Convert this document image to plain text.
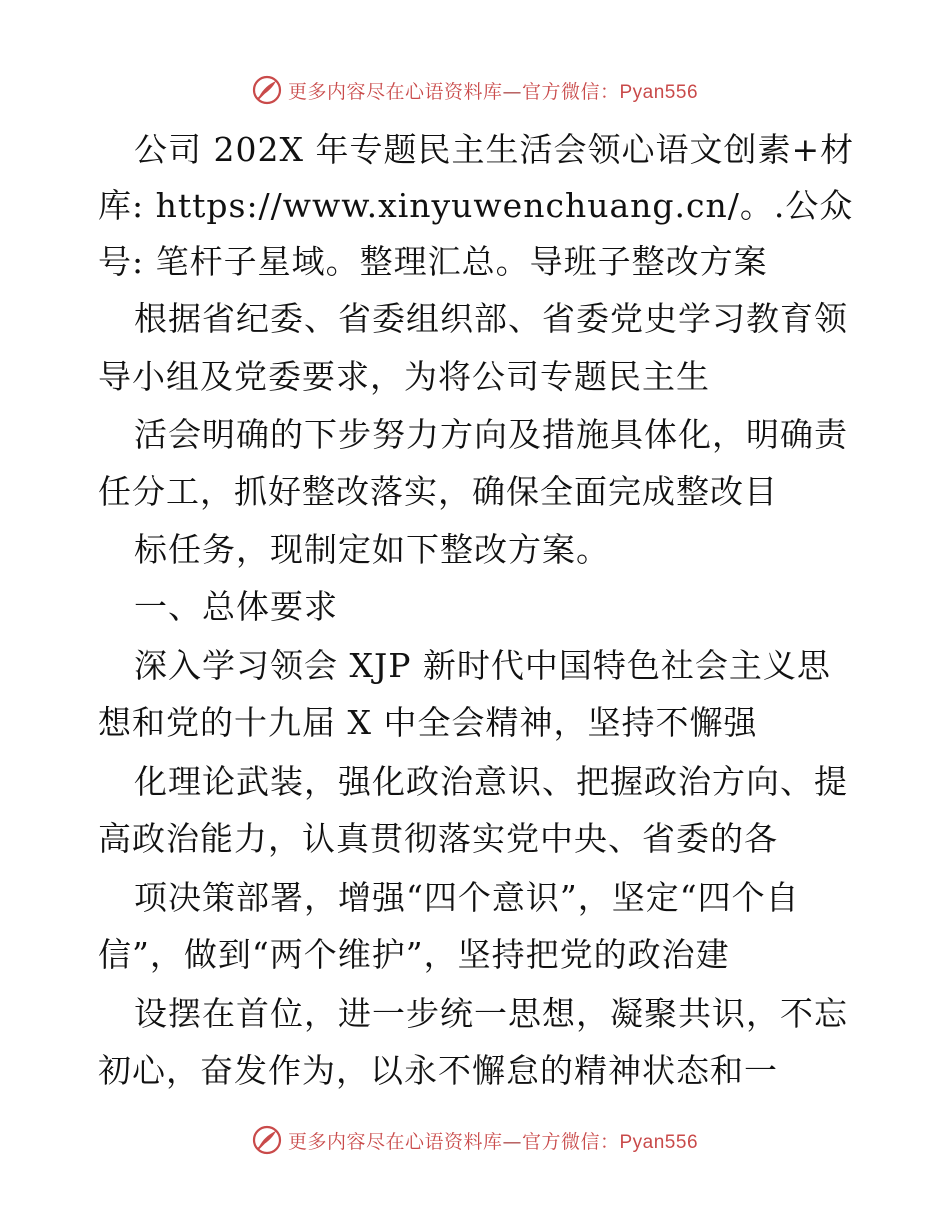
更多内容尽在心语资料库—官方微信：Pyan556
公司 202X 年专题民主生活会领心语文创素+材
库: https://www.xinyuwenchuang.cn/。.公众
号: 笔杆子星域。整理汇总。导班子整改方案
根据省纪委、省委组织部、省委党史学习教育领
导小组及党委要求，为将公司专题民主生
活会明确的下步努力方向及措施具体化，明确责
任分工，抓好整改落实，确保全面完成整改目
标任务，现制定如下整改方案。
一、总体要求
深入学习领会 XJP 新时代中国特色社会主义思
想和党的十九届 X 中全会精神，坚持不懈强
化理论武装，强化政治意识、把握政治方向、提
高政治能力，认真贯彻落实党中央、省委的各
项决策部署，增强“四个意识”，坚定“四个自
信”，做到“两个维护”，坚持把党的政治建
设摆在首位，进一步统一思想，凝聚共识，不忘
初心，奋发作为，以永不懈怠的精神状态和一
更多内容尽在心语资料库—官方微信：Pyan556
